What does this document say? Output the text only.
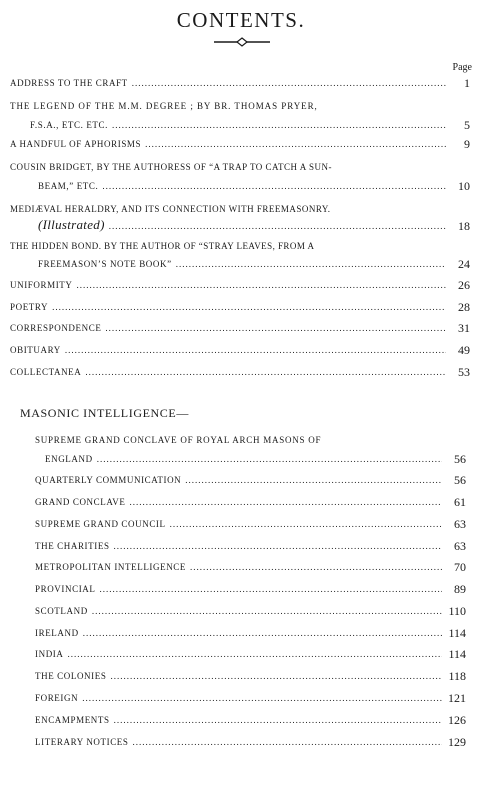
CONTENTS.
Page
ADDRESS TO THE CRAFT .....	1
THE LEGEND OF THE M.M. DEGREE ; BY BR. THOMAS PRYER,
F.S.A., ETC. ETC. .....	5
A HANDFUL OF APHORISMS .....	9
COUSIN BRIDGET, BY THE AUTHORESS OF “A TRAP TO CATCH A SUN-
BEAM,” ETC. .....	10
MEDIÆVAL HERALDRY, AND ITS CONNECTION WITH FREEMASONRY.
(Illustrated) .....	18
THE HIDDEN BOND. BY THE AUTHOR OF “STRAY LEAVES, FROM A
FREEMASON’S NOTE BOOK” .....	24
UNIFORMITY .....	26
POETRY .....	28
CORRESPONDENCE .....	31
OBITUARY .....	49
COLLECTANEA .....	53
MASONIC INTELLIGENCE—
SUPREME GRAND CONCLAVE OF ROYAL ARCH MASONS OF
ENGLAND .....	56
QUARTERLY COMMUNICATION .....	56
GRAND CONCLAVE .....	61
SUPREME GRAND COUNCIL .....	63
THE CHARITIES .....	63
METROPOLITAN INTELLIGENCE .....	70
PROVINCIAL .....	89
SCOTLAND .....	110
IRELAND .....	114
INDIA .....	114
THE COLONIES .....	118
FOREIGN .....	121
ENCAMPMENTS .....	126
LITERARY NOTICES .....	129
